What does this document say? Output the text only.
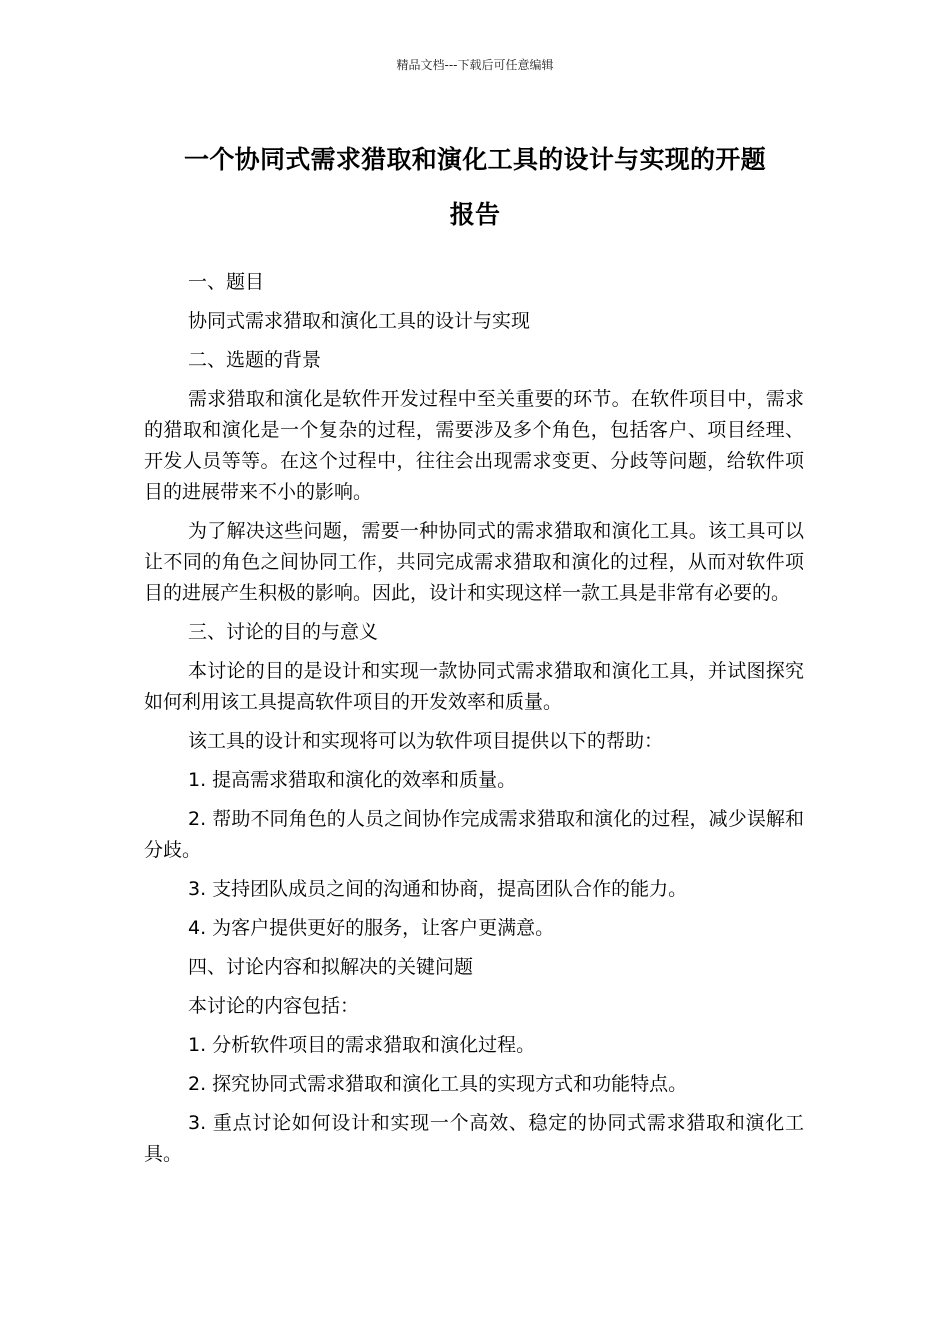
精品文档---下载后可任意编辑
一个协同式需求猎取和演化工具的设计与实现的开题
报告

一、题目

协同式需求猎取和演化工具的设计与实现

二、选题的背景

需求猎取和演化是软件开发过程中至关重要的环节。在软件项目中，需求的猎取和演化是一个复杂的过程，需要涉及多个角色，包括客户、项目经理、开发人员等等。在这个过程中，往往会出现需求变更、分歧等问题，给软件项目的进展带来不小的影响。

为了解决这些问题，需要一种协同式的需求猎取和演化工具。该工具可以让不同的角色之间协同工作，共同完成需求猎取和演化的过程，从而对软件项目的进展产生积极的影响。因此，设计和实现这样一款工具是非常有必要的。

三、讨论的目的与意义

本讨论的目的是设计和实现一款协同式需求猎取和演化工具，并试图探究如何利用该工具提高软件项目的开发效率和质量。

该工具的设计和实现将可以为软件项目提供以下的帮助：

1. 提高需求猎取和演化的效率和质量。

2. 帮助不同角色的人员之间协作完成需求猎取和演化的过程，减少误解和分歧。

3. 支持团队成员之间的沟通和协商，提高团队合作的能力。

4. 为客户提供更好的服务，让客户更满意。

四、讨论内容和拟解决的关键问题

本讨论的内容包括：

1. 分析软件项目的需求猎取和演化过程。

2. 探究协同式需求猎取和演化工具的实现方式和功能特点。

3. 重点讨论如何设计和实现一个高效、稳定的协同式需求猎取和演化工具。
